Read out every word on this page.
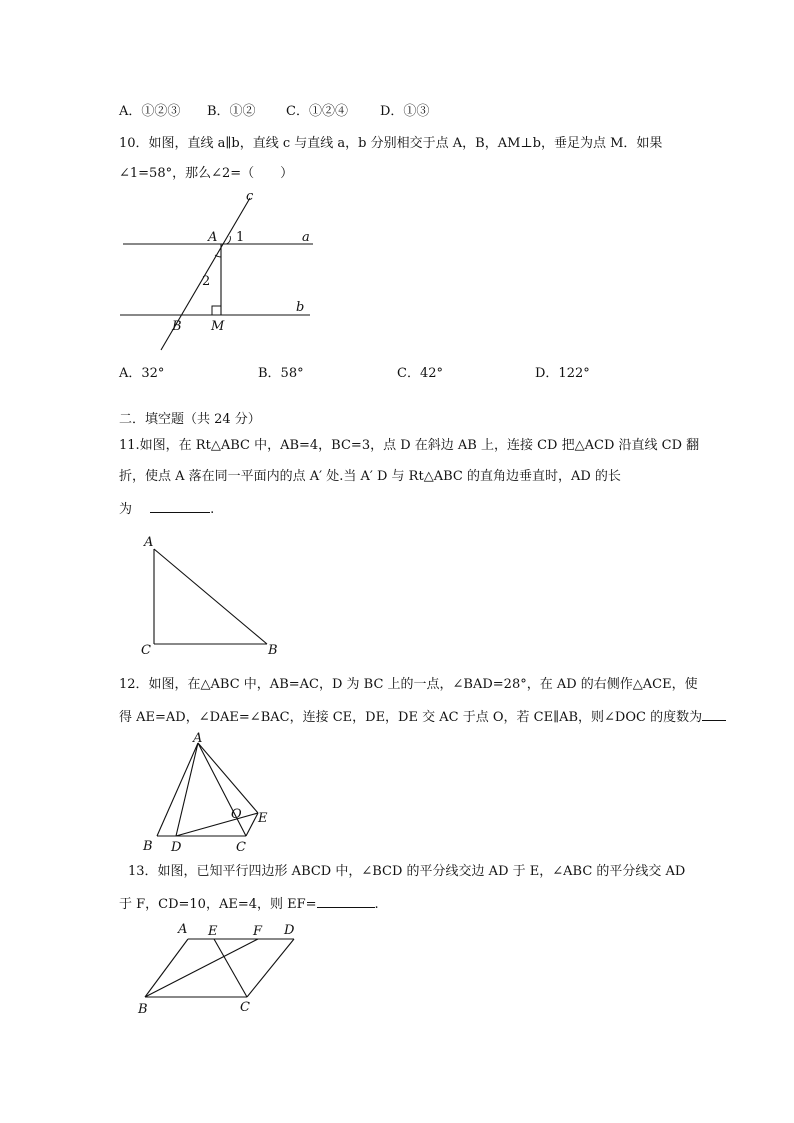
A．①②③ B．①② C．①②④ D．①③
10．如图，直线 a∥b，直线 c 与直线 a，b 分别相交于点 A，B，AM⊥b，垂足为点 M．如果
∠1=58°，那么∠2=（　　）
c
A 1	a
2
b
B M
A．32°	B．58°	C．42°	D．122°
二．填空题（共 24 分）
11.如图，在 Rt△ABC 中，AB=4，BC=3，点 D 在斜边 AB 上，连接 CD 把△ACD 沿直线 CD 翻
折，使点 A 落在同一平面内的点 A′ 处.当 A′ D 与 Rt△ABC 的直角边垂直时，AD 的长
为	.
A
C	B
12．如图，在△ABC 中，AB=AC，D 为 BC 上的一点，∠BAD=28°，在 AD 的右侧作△ACE，使
得 AE=AD，∠DAE=∠BAC，连接 CE，DE，DE 交 AC 于点 O，若 CE∥AB，则∠DOC 的度数为
A
O E
B D	C
13．如图，已知平行四边形 ABCD 中，∠BCD 的平分线交边 AD 于 E，∠ABC 的平分线交 AD
于 F，CD=10，AE=4，则 EF=	.
A E	F D
B	C
